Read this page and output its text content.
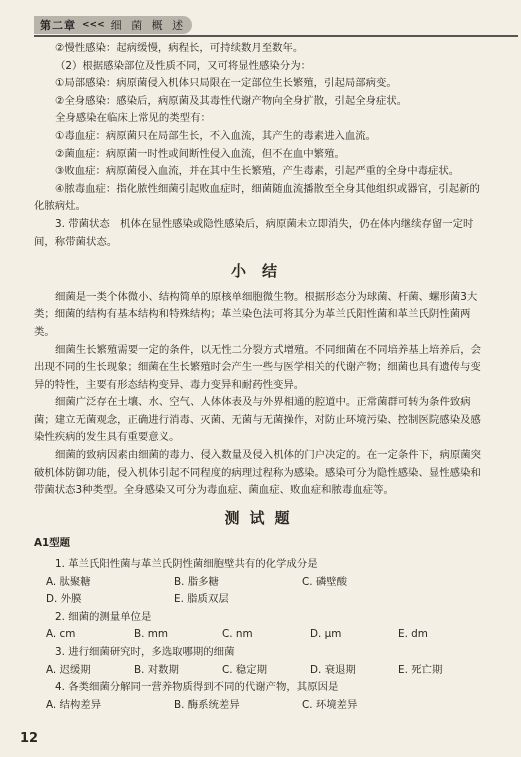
第二章 <<< 细 菌 概 述

②慢性感染：起病缓慢，病程长，可持续数月至数年。

（2）根据感染部位及性质不同，又可将显性感染分为：

①局部感染：病原菌侵入机体只局限在一定部位生长繁殖，引起局部病变。

②全身感染：感染后，病原菌及其毒性代谢产物向全身扩散，引起全身症状。

全身感染在临床上常见的类型有：

①毒血症：病原菌只在局部生长，不入血流，其产生的毒素进入血流。

②菌血症：病原菌一时性或间断性侵入血流，但不在血中繁殖。

③败血症：病原菌侵入血流，并在其中生长繁殖，产生毒素，引起严重的全身中毒症状。

④脓毒血症：指化脓性细菌引起败血症时，细菌随血流播散至全身其他组织或器官，引起新的化脓病灶。

3. 带菌状态　机体在显性感染或隐性感染后，病原菌未立即消失，仍在体内继续存留一定时间，称带菌状态。

小结

细菌是一类个体微小、结构简单的原核单细胞微生物。根据形态分为球菌、杆菌、螺形菌3大类；细菌的结构有基本结构和特殊结构；革兰染色法可将其分为革兰氏阳性菌和革兰氏阴性菌两类。

细菌生长繁殖需要一定的条件，以无性二分裂方式增殖。不同细菌在不同培养基上培养后，会出现不同的生长现象；细菌在生长繁殖时会产生一些与医学相关的代谢产物；细菌也具有遗传与变异的特性，主要有形态结构变异、毒力变异和耐药性变异。

细菌广泛存在土壤、水、空气、人体体表及与外界相通的腔道中。正常菌群可转为条件致病菌；建立无菌观念，正确进行消毒、灭菌、无菌与无菌操作，对防止环境污染、控制医院感染及感染性疾病的发生具有重要意义。

细菌的致病因素由细菌的毒力、侵入数量及侵入机体的门户决定的。在一定条件下，病原菌突破机体防御功能，侵入机体引起不同程度的病理过程称为感染。感染可分为隐性感染、显性感染和带菌状态3种类型。全身感染又可分为毒血症、菌血症、败血症和脓毒血症等。

测试题
A1型题

1. 革兰氏阳性菌与革兰氏阴性菌细胞壁共有的化学成分是

A. 肽聚糖	B. 脂多糖	C. 磷壁酸
D. 外膜	E. 脂质双层

2. 细菌的测量单位是

A. cm	B. mm	C. nm	D. μm	E. dm

3. 进行细菌研究时，多选取哪期的细菌

A. 迟缓期	B. 对数期	C. 稳定期	D. 衰退期	E. 死亡期

4. 各类细菌分解同一营养物质得到不同的代谢产物，其原因是

A. 结构差异	B. 酶系统差异	C. 环境差异
12
